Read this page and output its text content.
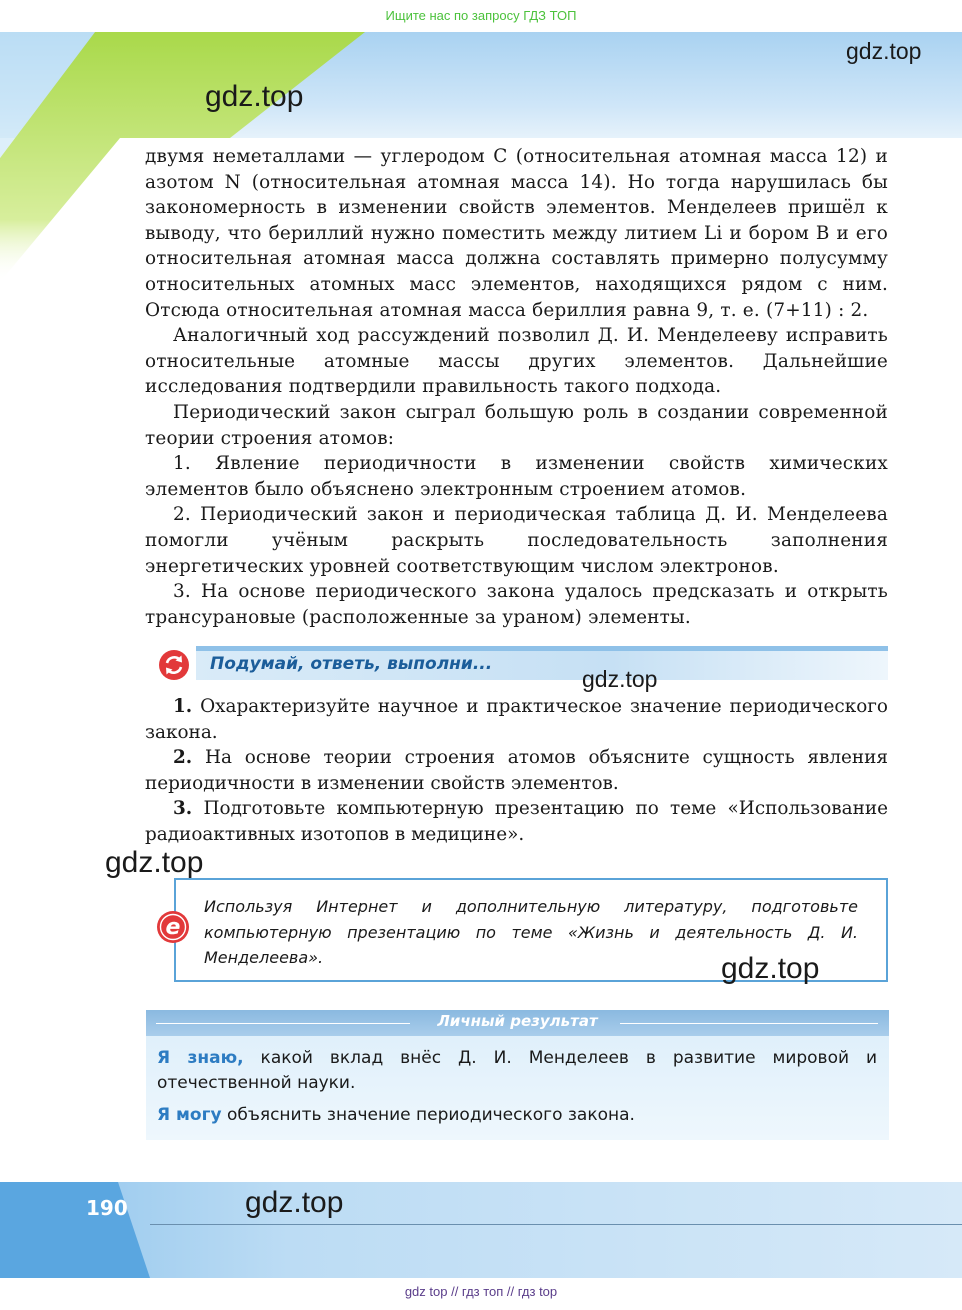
Ищите нас по запросу ГДЗ ТОП
gdz.top
gdz.top

двумя неметаллами — углеродом С (относительная атомная масса 12) и азотом N (относительная атомная масса 14). Но тогда нарушилась бы закономерность в изменении свойств элементов. Менделеев пришёл к выводу, что бериллий нужно поместить между литием Li и бором B и его относительная атомная масса должна составлять примерно полусумму относительных атомных масс элементов, находящихся рядом с ним. Отсюда относительная атомная масса бериллия равна 9, т. е. (7+11) : 2.

Аналогичный ход рассуждений позволил Д. И. Менделееву исправить относительные атомные массы других элементов. Дальнейшие исследования подтвердили правильность такого подхода.

Периодический закон сыграл большую роль в создании современной теории строения атомов:

1. Явление периодичности в изменении свойств химических элементов было объяснено электронным строением атомов.

2. Периодический закон и периодическая таблица Д. И. Менделеева помогли учёным раскрыть последовательность заполнения энергетических уровней соответствующим числом электронов.

3. На основе периодического закона удалось предсказать и открыть трансурановые (расположенные за ураном) элементы.

Подумай, ответь, выполни...
gdz.top

1. Охарактеризуйте научное и практическое значение периодического закона.

2. На основе теории строения атомов объясните сущность явления периодичности в изменении свойств элементов.

3. Подготовьте компьютерную презентацию по теме «Использование радиоактивных изотопов в медицине».

gdz.top
e
Используя Интернет и дополнительную литературу, подготовьте компьютерную презентацию по теме «Жизнь и деятельность Д. И. Менделеева».	gdz.top
Личный результат
Я знаю, какой вклад внёс Д. И. Менделеев в развитие мировой и отечественной науки.
Я могу объяснить значение периодического закона.
190	gdz.top
gdz top // гдз топ // гдз top
